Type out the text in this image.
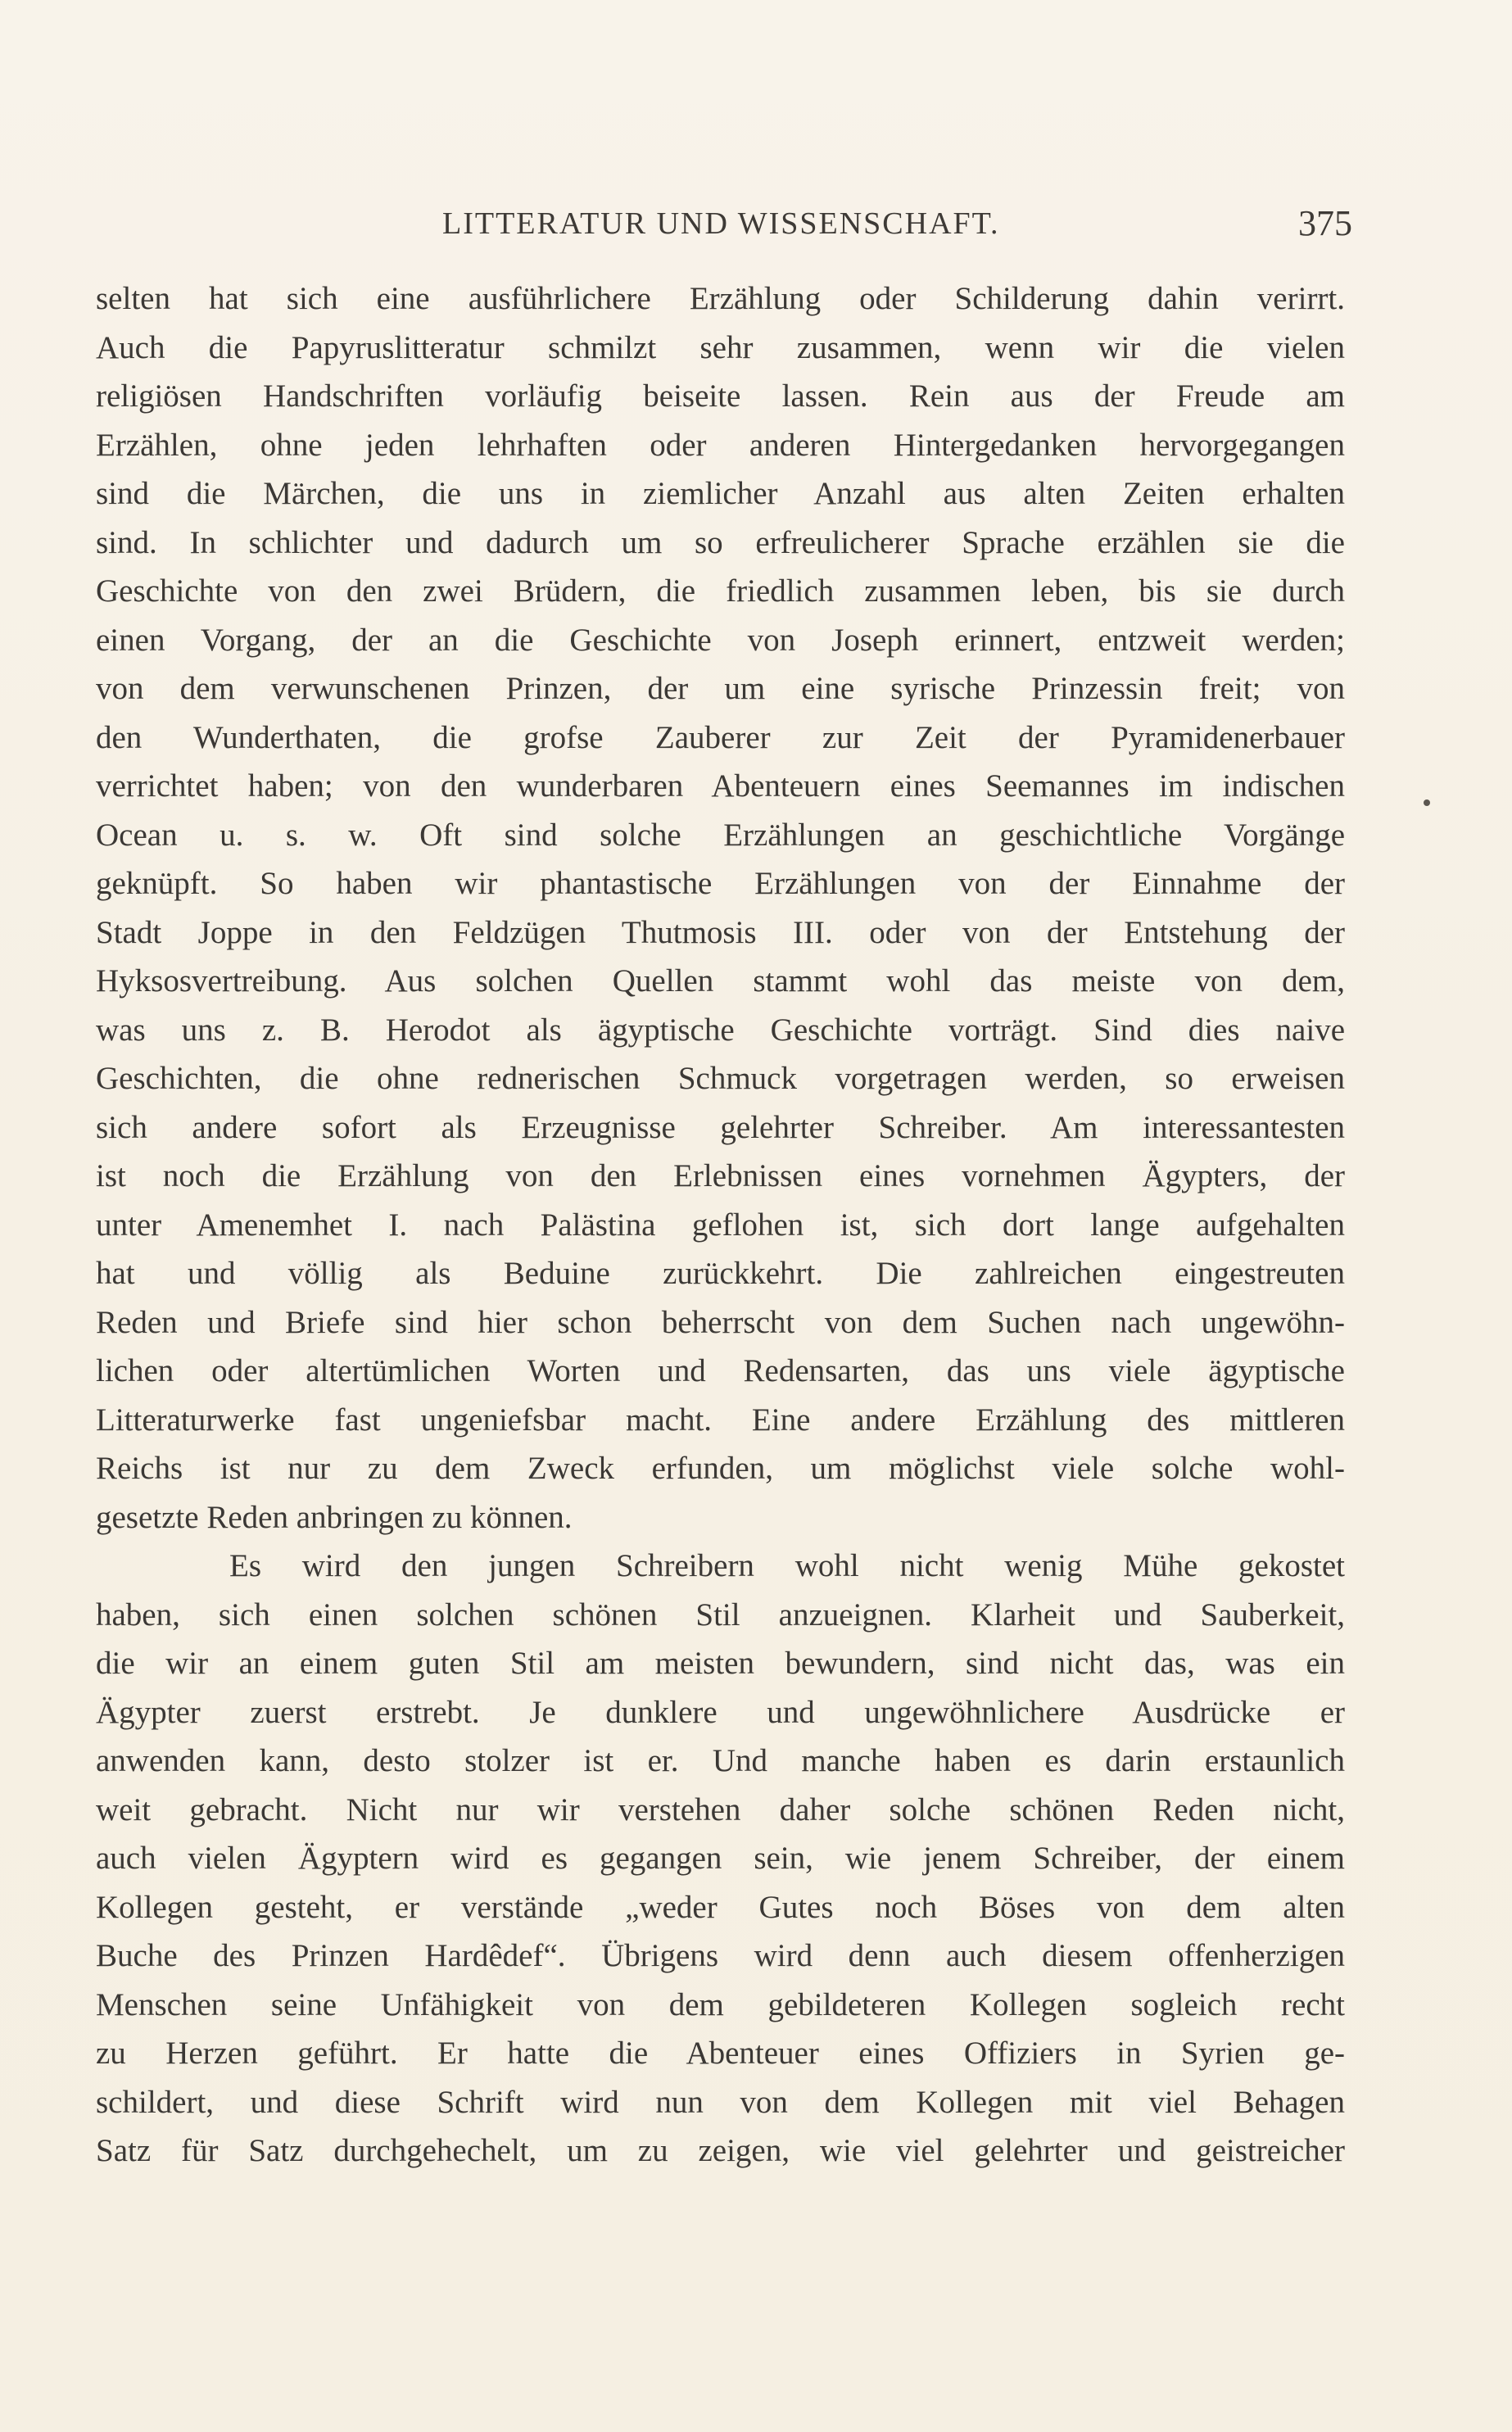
LITTERATUR UND WISSENSCHAFT.	375
selten hat sich eine ausführlichere Erzählung oder Schilderung dahin verirrt.
Auch die Papyruslitteratur schmilzt sehr zusammen, wenn wir die vielen
religiösen Handschriften vorläufig beiseite lassen. Rein aus der Freude am
Erzählen, ohne jeden lehrhaften oder anderen Hintergedanken hervorgegangen
sind die Märchen, die uns in ziemlicher Anzahl aus alten Zeiten erhalten
sind. In schlichter und dadurch um so erfreulicherer Sprache erzählen sie die
Geschichte von den zwei Brüdern, die friedlich zusammen leben, bis sie durch
einen Vorgang, der an die Geschichte von Joseph erinnert, entzweit werden;
von dem verwunschenen Prinzen, der um eine syrische Prinzessin freit; von
den Wunderthaten, die grofse Zauberer zur Zeit der Pyramidenerbauer
verrichtet haben; von den wunderbaren Abenteuern eines Seemannes im indischen
Ocean u. s. w. Oft sind solche Erzählungen an geschichtliche Vorgänge
geknüpft. So haben wir phantastische Erzählungen von der Einnahme der
Stadt Joppe in den Feldzügen Thutmosis III. oder von der Entstehung der
Hyksosvertreibung. Aus solchen Quellen stammt wohl das meiste von dem,
was uns z. B. Herodot als ägyptische Geschichte vorträgt. Sind dies naive
Geschichten, die ohne rednerischen Schmuck vorgetragen werden, so erweisen
sich andere sofort als Erzeugnisse gelehrter Schreiber. Am interessantesten
ist noch die Erzählung von den Erlebnissen eines vornehmen Ägypters, der
unter Amenemhet I. nach Palästina geflohen ist, sich dort lange aufgehalten
hat und völlig als Beduine zurückkehrt. Die zahlreichen eingestreuten
Reden und Briefe sind hier schon beherrscht von dem Suchen nach ungewöhn-
lichen oder altertümlichen Worten und Redensarten, das uns viele ägyptische
Litteraturwerke fast ungeniefsbar macht. Eine andere Erzählung des mittleren
Reichs ist nur zu dem Zweck erfunden, um möglichst viele solche wohl-
gesetzte Reden anbringen zu können.
Es wird den jungen Schreibern wohl nicht wenig Mühe gekostet
haben, sich einen solchen schönen Stil anzueignen. Klarheit und Sauberkeit,
die wir an einem guten Stil am meisten bewundern, sind nicht das, was ein
Ägypter zuerst erstrebt. Je dunklere und ungewöhnlichere Ausdrücke er
anwenden kann, desto stolzer ist er. Und manche haben es darin erstaunlich
weit gebracht. Nicht nur wir verstehen daher solche schönen Reden nicht,
auch vielen Ägyptern wird es gegangen sein, wie jenem Schreiber, der einem
Kollegen gesteht, er verstände „weder Gutes noch Böses von dem alten
Buche des Prinzen Hardêdef“. Übrigens wird denn auch diesem offenherzigen
Menschen seine Unfähigkeit von dem gebildeteren Kollegen sogleich recht
zu Herzen geführt. Er hatte die Abenteuer eines Offiziers in Syrien ge-
schildert, und diese Schrift wird nun von dem Kollegen mit viel Behagen
Satz für Satz durchgehechelt, um zu zeigen, wie viel gelehrter und geistreicher
